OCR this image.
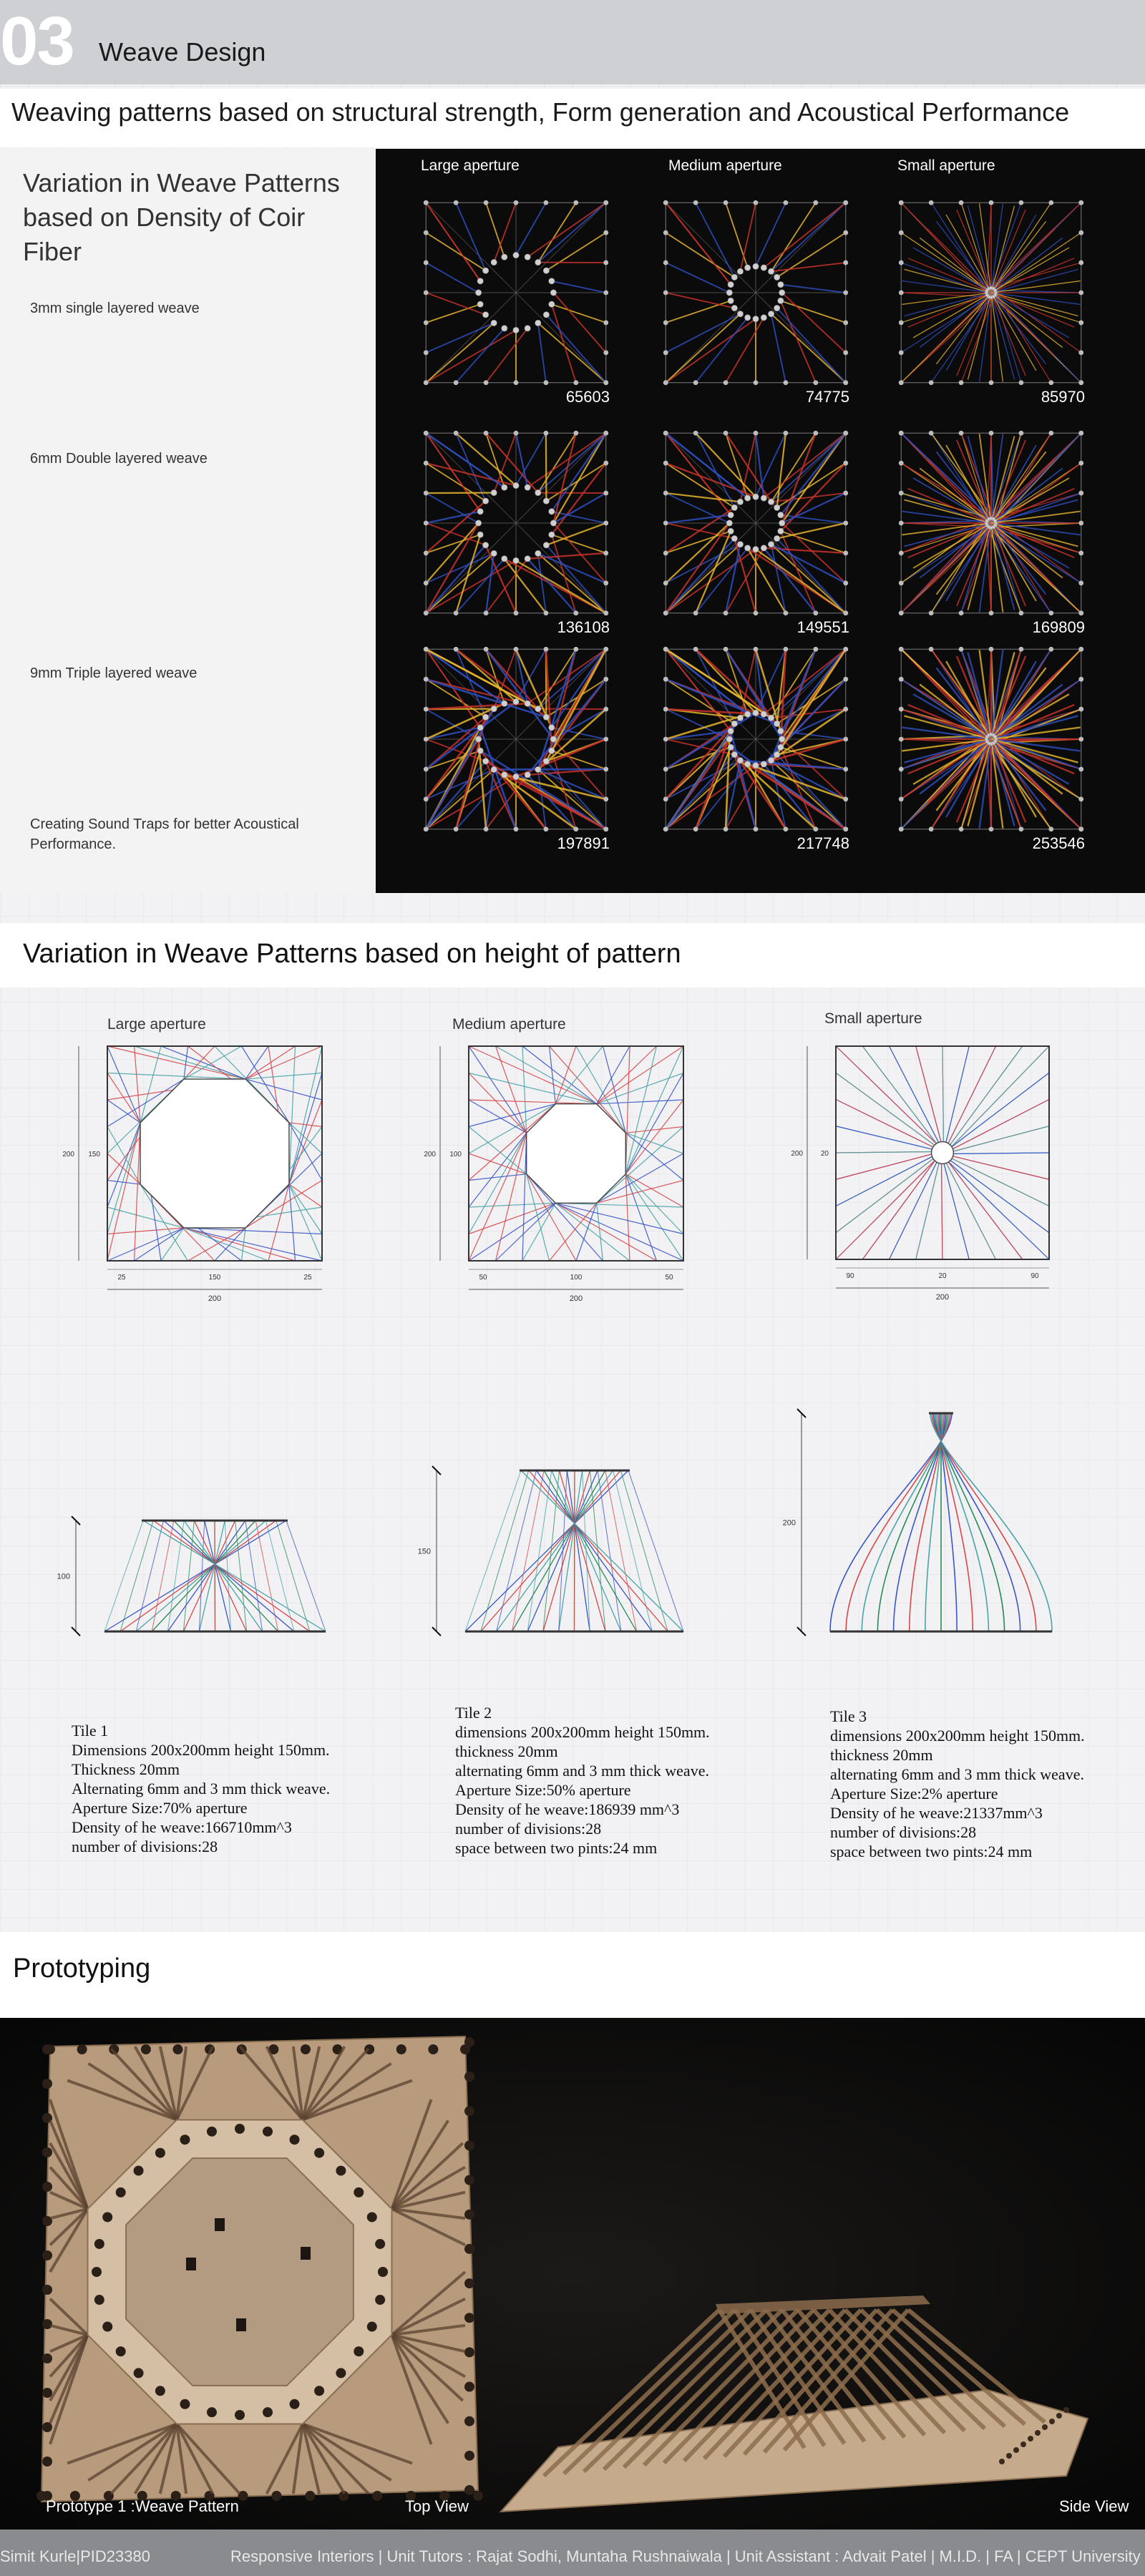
03 Weave Design
Weaving patterns based on structural strength, Form generation and Acoustical Performance
Variation in Weave Patterns based on Density of Coir Fiber
3mm single layered weave
6mm Double layered weave
9mm Triple layered weave
Creating Sound Traps for better Acoustical Performance.
Large aperture	Medium aperture	Small aperture
65603	74775	85970
136108	149551	169809
197891	217748	253546
Variation in Weave Patterns based on height of pattern
Large aperture	Medium aperture	Small aperture
200
150
25	25
200 150
200
100
50	50
200 100
200
20
90	90
200 20
100
150
200
Tile 1
Dimensions 200x200mm height 150mm.
Thickness 20mm
Alternating 6mm and 3 mm thick weave.
Aperture Size:70% aperture
Density of he weave:166710mm^3
number of divisions:28
Tile 2
dimensions 200x200mm height 150mm.
thickness 20mm
alternating 6mm and 3 mm thick weave.
Aperture Size:50% aperture
Density of he weave:186939 mm^3
number of divisions:28
space between two pints:24 mm
Tile 3
dimensions 200x200mm height 150mm.
thickness 20mm
alternating 6mm and 3 mm thick weave.
Aperture Size:2% aperture
Density of he weave:21337mm^3
number of divisions:28
space between two pints:24 mm
Prototyping
Prototype 1 :Weave Pattern	Top View	Side View
Simit Kurle|PID23380	Responsive Interiors | Unit Tutors : Rajat Sodhi, Muntaha Rushnaiwala | Unit Assistant : Advait Patel | M.I.D. | FA | CEPT University
